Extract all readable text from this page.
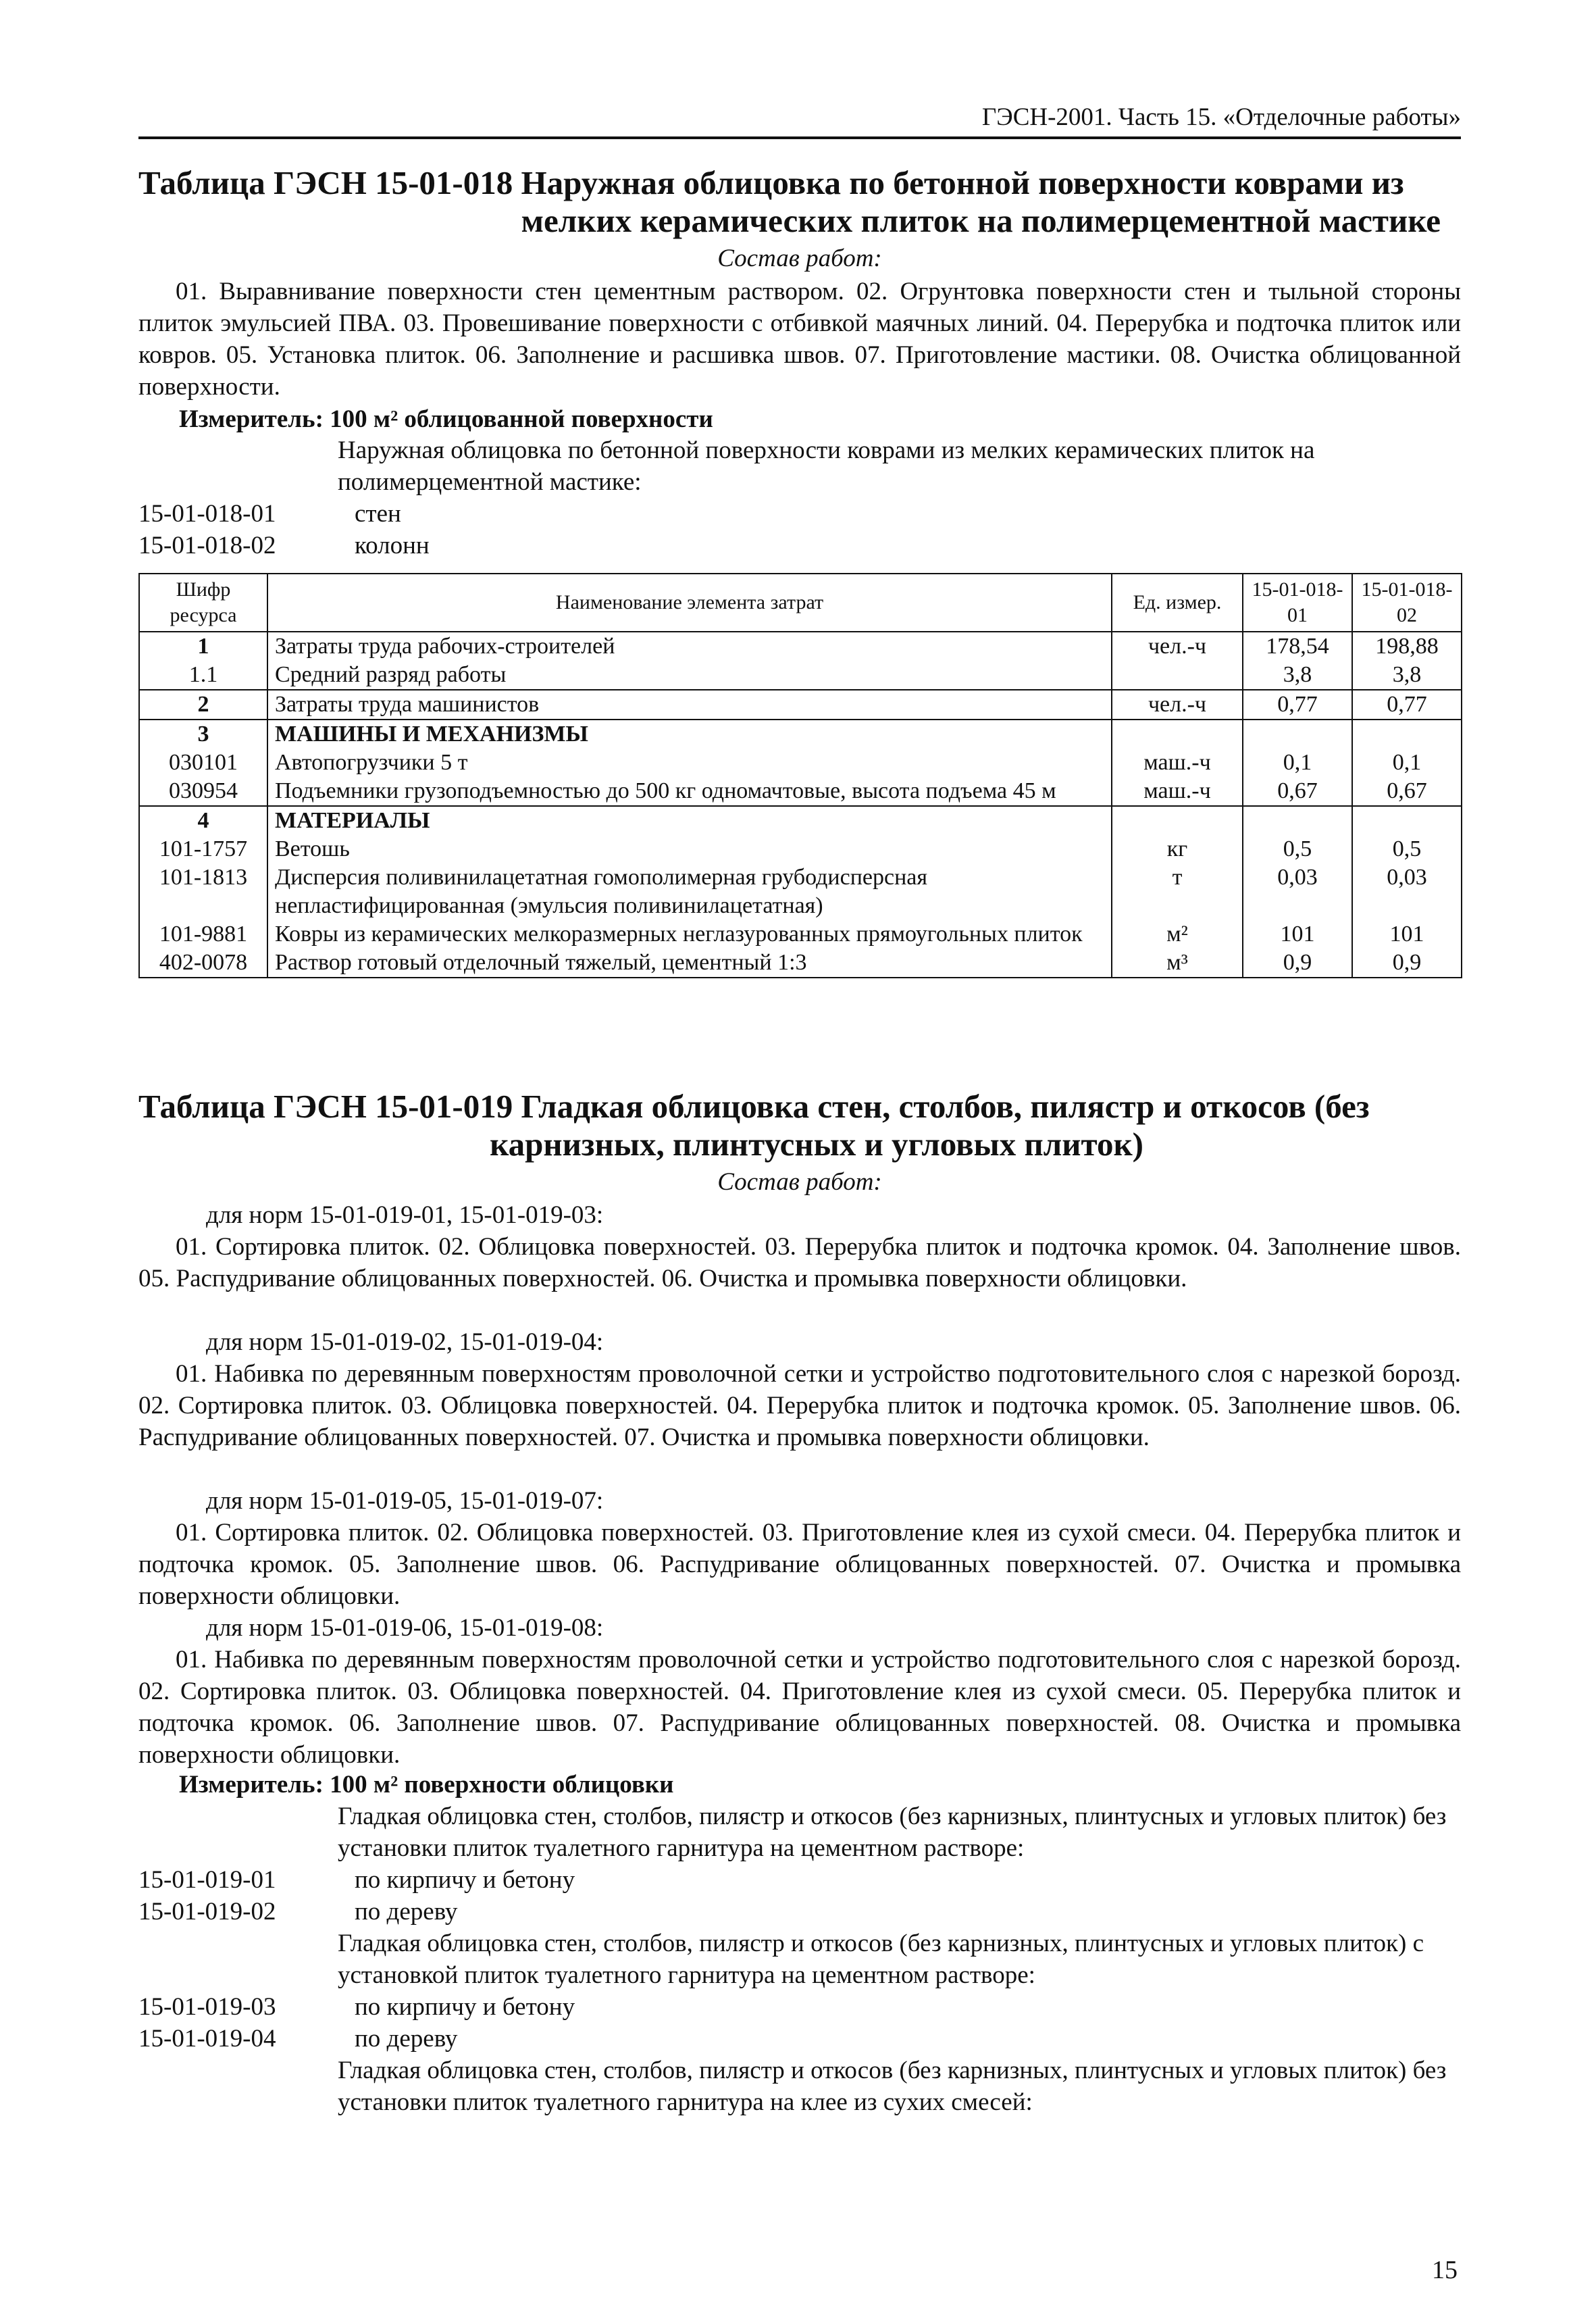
ГЭСН-2001. Часть 15. «Отделочные работы»
Таблица ГЭСН 15-01-018 Наружная облицовка по бетонной поверхности коврами из
мелких керамических плиток на полимерцементной мастике
Состав работ:
01. Выравнивание поверхности стен цементным раствором. 02. Огрунтовка поверхности стен и тыльной стороны плиток эмульсией ПВА. 03. Провешивание поверхности с отбивкой маячных линий. 04. Перерубка и подточка плиток или ковров. 05. Установка плиток. 06. Заполнение и расшивка швов. 07. Приготовление мастики. 08. Очистка облицованной поверхности.
Измеритель: 100 м² облицованной поверхности
Наружная облицовка по бетонной поверхности коврами из мелких керамических плиток на полимерцементной мастике:
15-01-018-01	стен
15-01-018-02	колонн
Шифр ресурса	Наименование элемента затрат	Ед. измер.	15-01-018-01	15-01-018-02
1	Затраты труда рабочих-строителей	чел.-ч	178,54	198,88
1.1	Средний разряд работы		3,8	3,8
2	Затраты труда машинистов	чел.-ч	0,77	0,77
3	МАШИНЫ И МЕХАНИЗМЫ			
030101	Автопогрузчики 5 т	маш.-ч	0,1	0,1
030954	Подъемники грузоподъемностью до 500 кг одномачтовые, высота подъема 45 м	маш.-ч	0,67	0,67
4	МАТЕРИАЛЫ			
101-1757	Ветошь	кг	0,5	0,5
101-1813	Дисперсия поливинилацетатная гомополимерная грубодисперсная непластифицированная (эмульсия поливинилацетатная)	т	0,03	0,03
101-9881	Ковры из керамических мелкоразмерных неглазурованных прямоугольных плиток	м²	101	101
402-0078	Раствор готовый отделочный тяжелый, цементный 1:3	м³	0,9	0,9
Таблица ГЭСН 15-01-019 Гладкая облицовка стен, столбов, пилястр и откосов (без
карнизных, плинтусных и угловых плиток)
Состав работ:
для норм 15-01-019-01, 15-01-019-03:
01. Сортировка плиток. 02. Облицовка поверхностей. 03. Перерубка плиток и подточка кромок. 04. Заполнение швов. 05. Распудривание облицованных поверхностей. 06. Очистка и промывка поверхности облицовки.
для норм 15-01-019-02, 15-01-019-04:
01. Набивка по деревянным поверхностям проволочной сетки и устройство подготовительного слоя с нарезкой борозд. 02. Сортировка плиток. 03. Облицовка поверхностей. 04. Перерубка плиток и подточка кромок. 05. Заполнение швов. 06. Распудривание облицованных поверхностей. 07. Очистка и промывка поверхности облицовки.
для норм 15-01-019-05, 15-01-019-07:
01. Сортировка плиток. 02. Облицовка поверхностей. 03. Приготовление клея из сухой смеси. 04. Перерубка плиток и подточка кромок. 05. Заполнение швов. 06. Распудривание облицованных поверхностей. 07. Очистка и промывка поверхности облицовки.
для норм 15-01-019-06, 15-01-019-08:
01. Набивка по деревянным поверхностям проволочной сетки и устройство подготовительного слоя с нарезкой борозд. 02. Сортировка плиток. 03. Облицовка поверхностей. 04. Приготовление клея из сухой смеси. 05. Перерубка плиток и подточка кромок. 06. Заполнение швов. 07. Распудривание облицованных поверхностей. 08. Очистка и промывка поверхности облицовки.
Измеритель: 100 м² поверхности облицовки
Гладкая облицовка стен, столбов, пилястр и откосов (без карнизных, плинтусных и угловых плиток) без установки плиток туалетного гарнитура на цементном растворе:
15-01-019-01	по кирпичу и бетону
15-01-019-02	по дереву
Гладкая облицовка стен, столбов, пилястр и откосов (без карнизных, плинтусных и угловых плиток) с установкой плиток туалетного гарнитура на цементном растворе:
15-01-019-03	по кирпичу и бетону
15-01-019-04	по дереву
Гладкая облицовка стен, столбов, пилястр и откосов (без карнизных, плинтусных и угловых плиток) без установки плиток туалетного гарнитура на клее из сухих смесей:
15
